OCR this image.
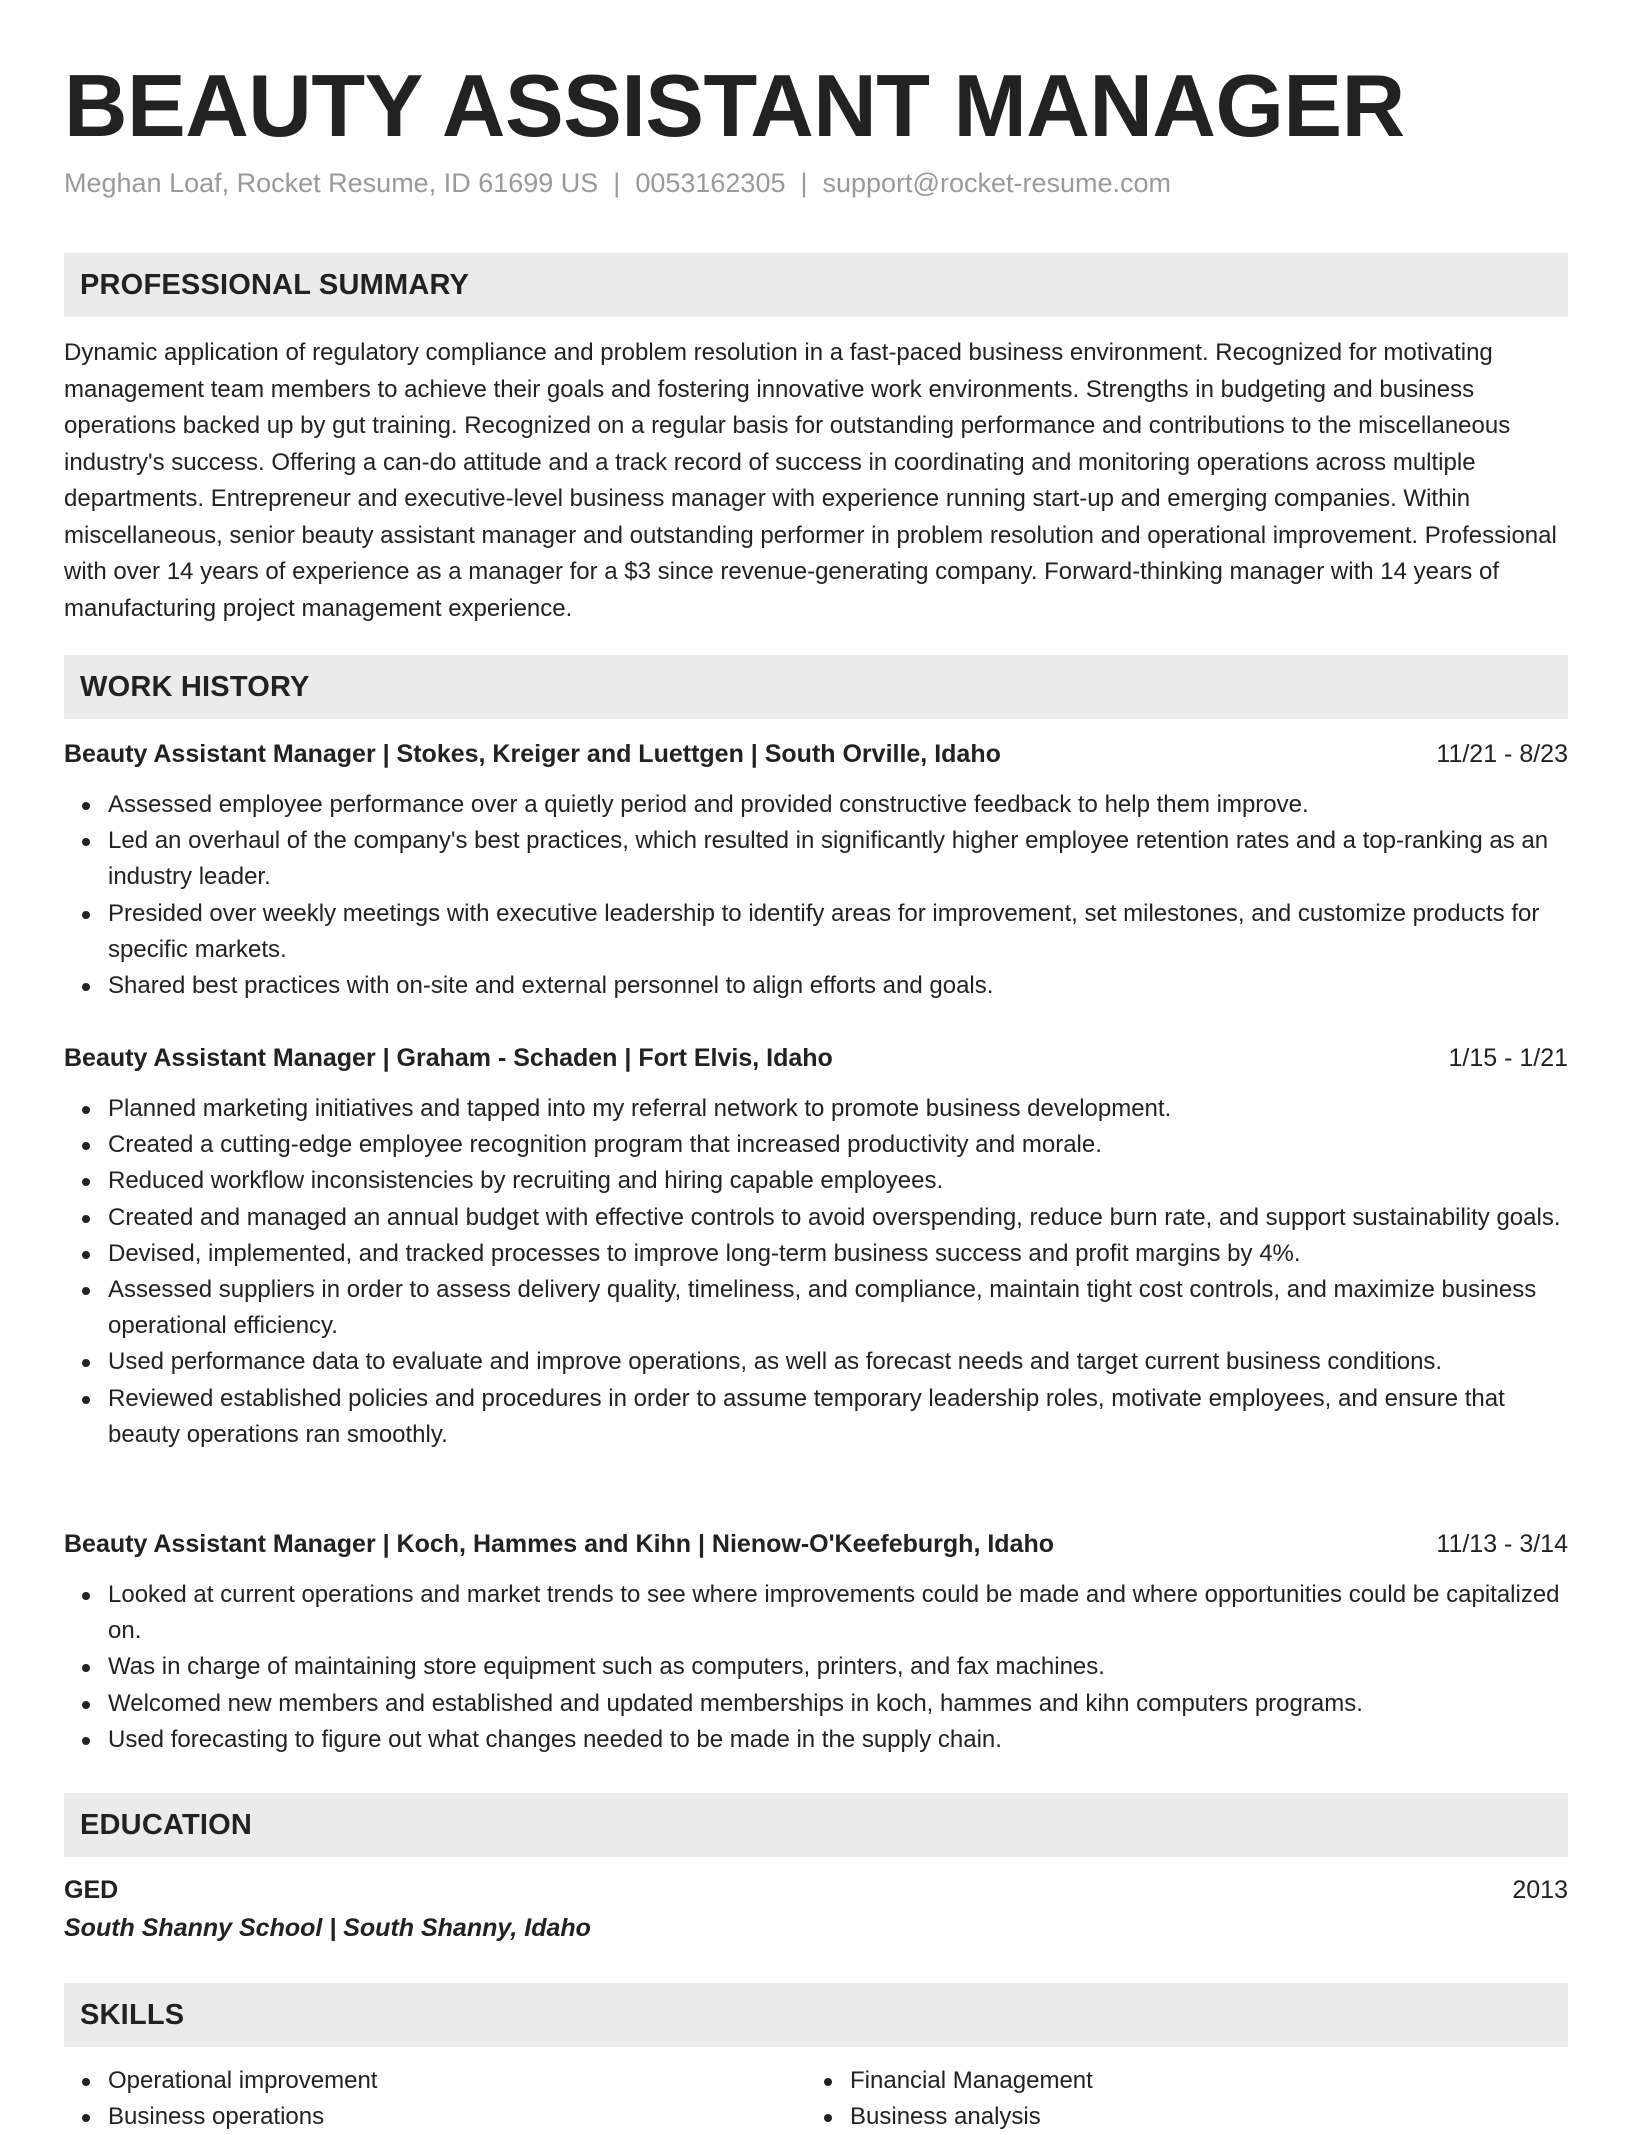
BEAUTY ASSISTANT MANAGER
Meghan Loaf, Rocket Resume, ID 61699 US | 0053162305 | support@rocket-resume.com
PROFESSIONAL SUMMARY

Dynamic application of regulatory compliance and problem resolution in a fast-paced business environment. Recognized for motivating management team members to achieve their goals and fostering innovative work environments. Strengths in budgeting and business operations backed up by gut training. Recognized on a regular basis for outstanding performance and contributions to the miscellaneous industry's success. Offering a can-do attitude and a track record of success in coordinating and monitoring operations across multiple departments. Entrepreneur and executive-level business manager with experience running start-up and emerging companies. Within miscellaneous, senior beauty assistant manager and outstanding performer in problem resolution and operational improvement. Professional with over 14 years of experience as a manager for a $3 since revenue-generating company. Forward-thinking manager with 14 years of manufacturing project management experience.

WORK HISTORY
Beauty Assistant Manager | Stokes, Kreiger and Luettgen | South Orville, Idaho	11/21 - 8/23
Assessed employee performance over a quietly period and provided constructive feedback to help them improve.
Led an overhaul of the company's best practices, which resulted in significantly higher employee retention rates and a top-ranking as an industry leader.
Presided over weekly meetings with executive leadership to identify areas for improvement, set milestones, and customize products for specific markets.
Shared best practices with on-site and external personnel to align efforts and goals.
Beauty Assistant Manager | Graham - Schaden | Fort Elvis, Idaho	1/15 - 1/21
Planned marketing initiatives and tapped into my referral network to promote business development.
Created a cutting-edge employee recognition program that increased productivity and morale.
Reduced workflow inconsistencies by recruiting and hiring capable employees.
Created and managed an annual budget with effective controls to avoid overspending, reduce burn rate, and support sustainability goals.
Devised, implemented, and tracked processes to improve long-term business success and profit margins by 4%.
Assessed suppliers in order to assess delivery quality, timeliness, and compliance, maintain tight cost controls, and maximize business operational efficiency.
Used performance data to evaluate and improve operations, as well as forecast needs and target current business conditions.
Reviewed established policies and procedures in order to assume temporary leadership roles, motivate employees, and ensure that beauty operations ran smoothly.
Beauty Assistant Manager | Koch, Hammes and Kihn | Nienow-O'Keefeburgh, Idaho	11/13 - 3/14
Looked at current operations and market trends to see where improvements could be made and where opportunities could be capitalized on.
Was in charge of maintaining store equipment such as computers, printers, and fax machines.
Welcomed new members and established and updated memberships in koch, hammes and kihn computers programs.
Used forecasting to figure out what changes needed to be made in the supply chain.
EDUCATION
GED	2013
South Shanny School | South Shanny, Idaho
SKILLS
Operational improvement
Business operations
Financial Management
Business analysis
